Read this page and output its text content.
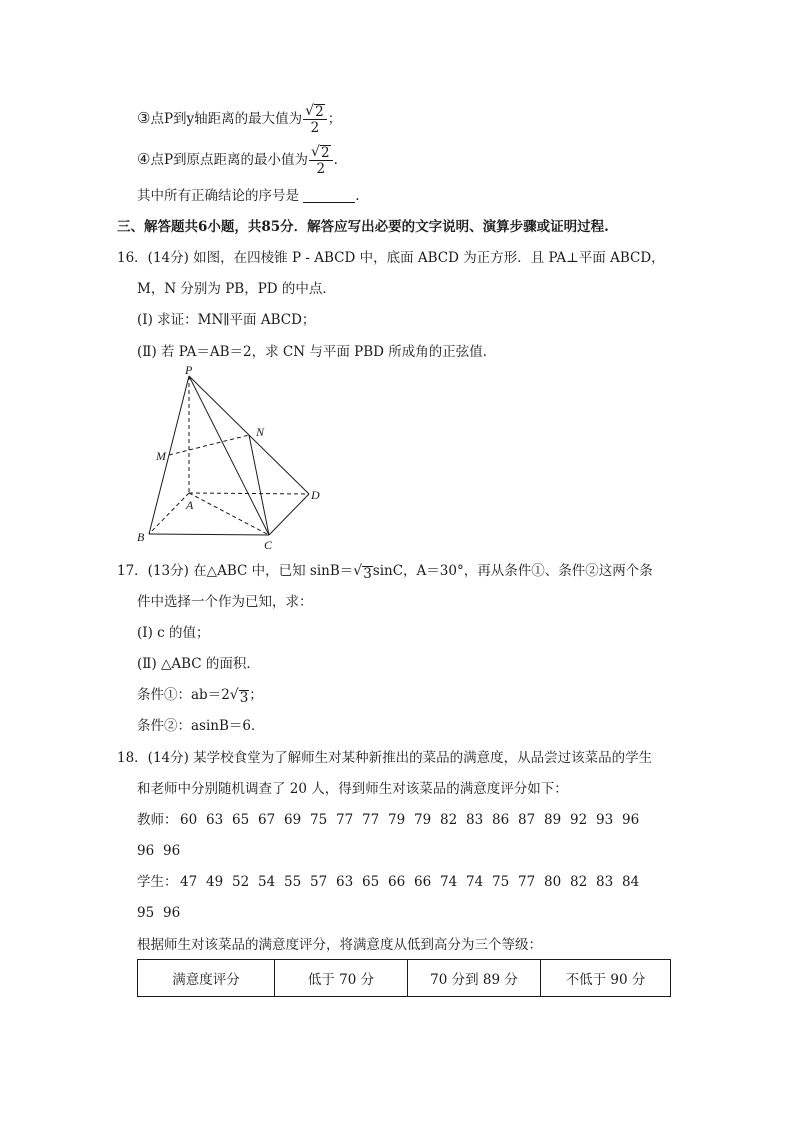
③点P到y轴距离的最大值为 $\frac{√ 2}{2}$ ；
④点P到原点距离的最小值为 $\frac{√ 2}{2}$ .
其中所有正确结论的序号是	.
三、解答题共6小题，共85分．解答应写出必要的文字说明、演算步骤或证明过程.
16．(14分) 如图，在四棱锥 P - ABCD 中，底面 ABCD 为正方形．且 PA⊥平面 ABCD，
M，N 分别为 PB，PD 的中点．
(Ⅰ) 求证：MN∥平面 ABCD；
(Ⅱ) 若 PA＝AB＝2，求 CN 与平面 PBD 所成角的正弦值．
P
N
M
A
D
B
C
17．(13分) 在△ABC 中，已知 sinB＝ √ 3 sinC，A＝30°，再从条件①、条件②这两个条
件中选择一个作为已知，求：
(Ⅰ) c 的值；
(Ⅱ) △ABC 的面积．
条件①：ab＝2 √ 3 ；
条件②：asinB＝6．
18．(14分) 某学校食堂为了解师生对某种新推出的菜品的满意度，从品尝过该菜品的学生
和老师中分别随机调查了 20 人，得到师生对该菜品的满意度评分如下：
教师： 60 63 65 67 69 75 77 77 79 79 82 83 86 87 89 92 93 96
96 96
学生： 47 49 52 54 55 57 63 65 66 66 74 74 75 77 80 82 83 84
95 96
根据师生对该菜品的满意度评分，将满意度从低到高分为三个等级：
满意度评分	低于 70 分	70 分到 89 分	不低于 90 分
